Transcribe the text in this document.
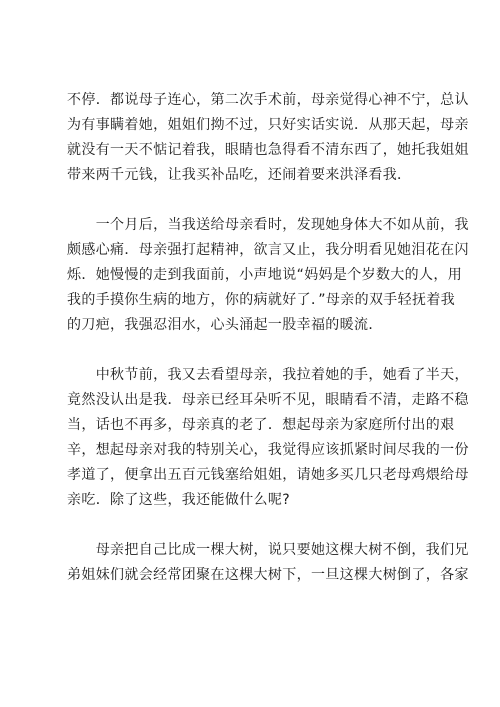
不停．都说母子连心，第二次手术前，母亲觉得心神不宁，总认
为有事瞒着她，姐姐们拗不过，只好实话实说．从那天起，母亲
就没有一天不惦记着我，眼睛也急得看不清东西了，她托我姐姐
带来两千元钱，让我买补品吃，还闹着要来洪泽看我．
　　一个月后，当我送给母亲看时，发现她身体大不如从前，我
颇感心痛．母亲强打起精神，欲言又止，我分明看见她泪花在闪
烁．她慢慢的走到我面前，小声地说“妈妈是个岁数大的人，用
我的手摸你生病的地方，你的病就好了．”母亲的双手轻抚着我
的刀疤，我强忍泪水，心头涌起一股幸福的暖流．
　　中秋节前，我又去看望母亲，我拉着她的手，她看了半天，
竟然没认出是我．母亲已经耳朵听不见，眼睛看不清，走路不稳
当，话也不再多，母亲真的老了．想起母亲为家庭所付出的艰
辛，想起母亲对我的特别关心，我觉得应该抓紧时间尽我的一份
孝道了，便拿出五百元钱塞给姐姐，请她多买几只老母鸡煨给母
亲吃．除了这些，我还能做什么呢?
　　母亲把自己比成一棵大树，说只要她这棵大树不倒，我们兄
弟姐妹们就会经常团聚在这棵大树下，一旦这棵大树倒了，各家
